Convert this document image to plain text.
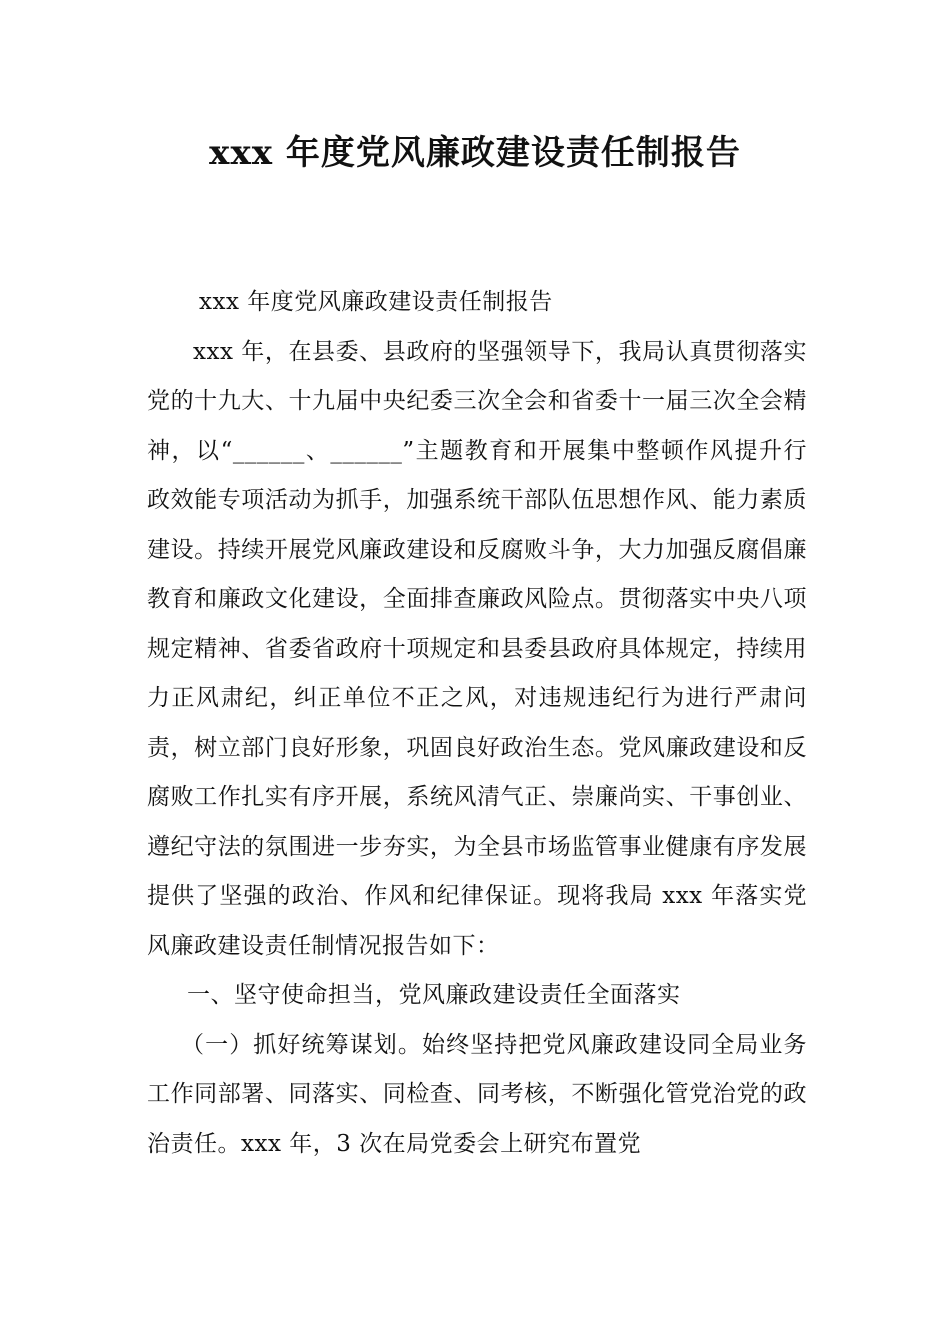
xxx 年度党风廉政建设责任制报告

xxx 年度党风廉政建设责任制报告

xxx 年，在县委、县政府的坚强领导下，我局认真贯彻落实党的十九大、十九届中央纪委三次全会和省委十一届三次全会精神，以“______、______”主题教育和开展集中整顿作风提升行政效能专项活动为抓手，加强系统干部队伍思想作风、能力素质建设。持续开展党风廉政建设和反腐败斗争，大力加强反腐倡廉教育和廉政文化建设，全面排查廉政风险点。贯彻落实中央八项规定精神、省委省政府十项规定和县委县政府具体规定，持续用力正风肃纪，纠正单位不正之风，对违规违纪行为进行严肃问责，树立部门良好形象，巩固良好政治生态。党风廉政建设和反腐败工作扎实有序开展，系统风清气正、崇廉尚实、干事创业、遵纪守法的氛围进一步夯实，为全县市场监管事业健康有序发展提供了坚强的政治、作风和纪律保证。现将我局 xxx 年落实党风廉政建设责任制情况报告如下：

一、坚守使命担当，党风廉政建设责任全面落实

（一）抓好统筹谋划。始终坚持把党风廉政建设同全局业务工作同部署、同落实、同检查、同考核，不断强化管党治党的政治责任。xxx 年，3 次在局党委会上研究布置党
